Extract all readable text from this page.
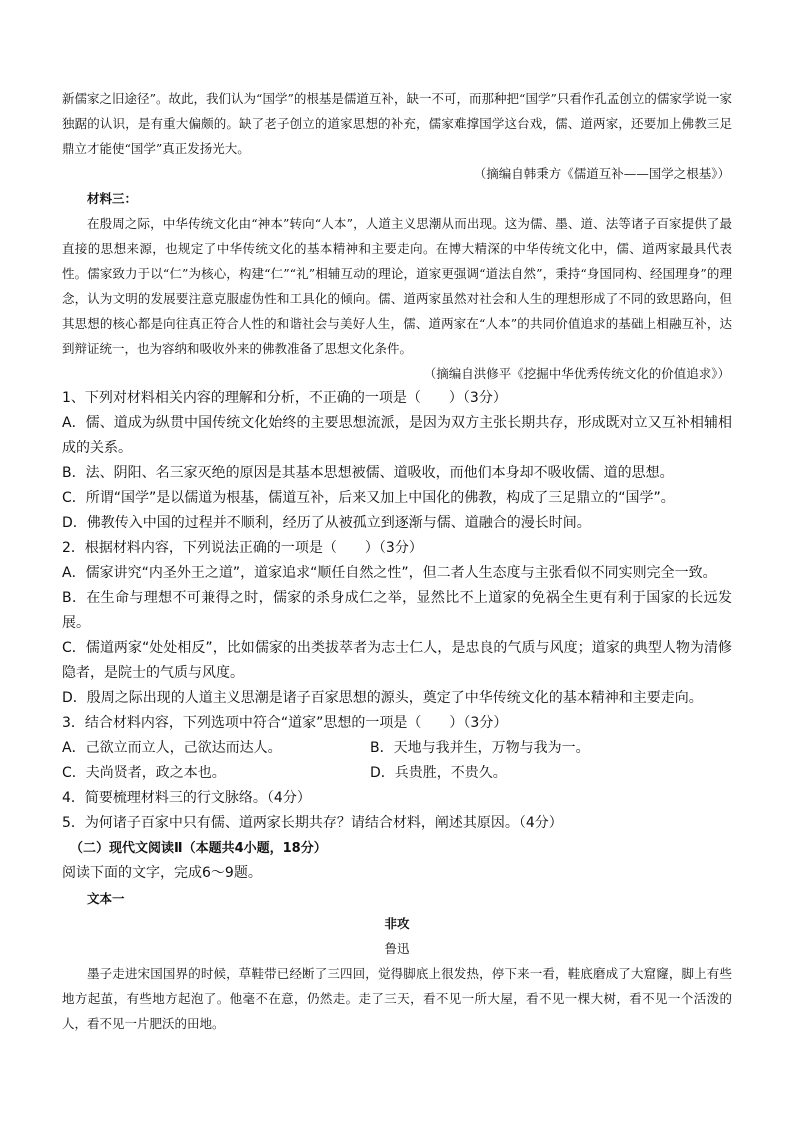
新儒家之旧途径”。故此，我们认为“国学”的根基是儒道互补，缺一不可，而那种把“国学”只看作孔孟创立的儒家学说一家独踞的认识，是有重大偏颇的。缺了老子创立的道家思想的补充，儒家难撑国学这台戏，儒、道两家，还要加上佛教三足鼎立才能使“国学”真正发扬光大。

（摘编自韩秉方《儒道互补——国学之根基》）
材料三：

在殷周之际，中华传统文化由“神本”转向“人本”，人道主义思潮从而出现。这为儒、墨、道、法等诸子百家提供了最直接的思想来源，也规定了中华传统文化的基本精神和主要走向。在博大精深的中华传统文化中，儒、道两家最具代表性。儒家致力于以“仁”为核心，构建“仁”“礼”相辅互动的理论，道家更强调“道法自然”，秉持“身国同构、经国理身”的理念，认为文明的发展要注意克服虚伪性和工具化的倾向。儒、道两家虽然对社会和人生的理想形成了不同的致思路向，但其思想的核心都是向往真正符合人性的和谐社会与美好人生，儒、道两家在“人本”的共同价值追求的基础上相融互补，达到辩证统一，也为容纳和吸收外来的佛教准备了思想文化条件。

（摘编自洪修平《挖掘中华优秀传统文化的价值追求》）

1、下列对材料相关内容的理解和分析，不正确的一项是（　　）（3分）

A．儒、道成为纵贯中国传统文化始终的主要思想流派，是因为双方主张长期共存，形成既对立又互补相辅相成的关系。

B．法、阴阳、名三家灭绝的原因是其基本思想被儒、道吸收，而他们本身却不吸收儒、道的思想。

C．所谓“国学”是以儒道为根基，儒道互补，后来又加上中国化的佛教，构成了三足鼎立的“国学”。

D．佛教传入中国的过程并不顺利，经历了从被孤立到逐渐与儒、道融合的漫长时间。

2．根据材料内容，下列说法正确的一项是（　　）（3分）

A．儒家讲究“内圣外王之道”，道家追求“顺任自然之性”，但二者人生态度与主张看似不同实则完全一致。

B．在生命与理想不可兼得之时，儒家的杀身成仁之举，显然比不上道家的免祸全生更有利于国家的长远发展。

C．儒道两家“处处相反”，比如儒家的出类拔萃者为志士仁人，是忠良的气质与风度；道家的典型人物为清修隐者，是院士的气质与风度。

D．殷周之际出现的人道主义思潮是诸子百家思想的源头，奠定了中华传统文化的基本精神和主要走向。

3．结合材料内容，下列选项中符合“道家”思想的一项是（　　）（3分）

A．己欲立而立人，己欲达而达人。	B．天地与我并生，万物与我为一。
C．夫尚贤者，政之本也。	D．兵贵胜，不贵久。

4．简要梳理材料三的行文脉络。（4分）

5．为何诸子百家中只有儒、道两家长期共存？请结合材料，阐述其原因。（4分）

（二）现代文阅读Ⅱ（本题共4小题，18分）

阅读下面的文字，完成6～9题。

文本一
非攻
鲁迅

墨子走进宋国国界的时候，草鞋带已经断了三四回，觉得脚底上很发热，停下来一看，鞋底磨成了大窟窿，脚上有些地方起茧，有些地方起泡了。他毫不在意，仍然走。走了三天，看不见一所大屋，看不见一棵大树，看不见一个活泼的人，看不见一片肥沃的田地。
